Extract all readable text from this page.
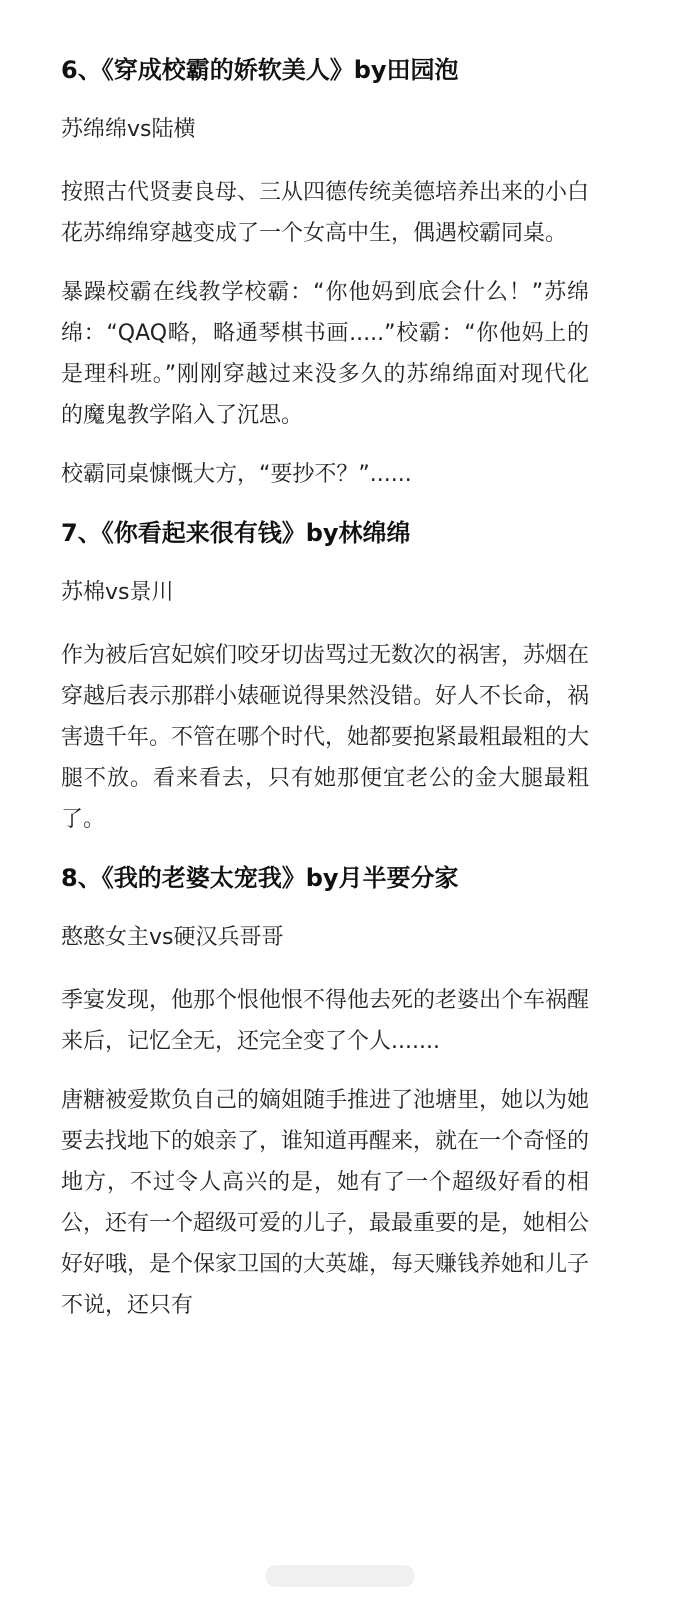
6、《穿成校霸的娇软美人》by田园泡
苏绵绵vs陆横

按照古代贤妻良母、三从四德传统美德培养出来的小白花苏绵绵穿越变成了一个女高中生，偶遇校霸同桌。

暴躁校霸在线教学校霸：“你他妈到底会什么！”苏绵绵：“QAQ略，略通琴棋书画.....”校霸：“你他妈上的是理科班。”刚刚穿越过来没多久的苏绵绵面对现代化的魔鬼教学陷入了沉思。

校霸同桌慷慨大方，“要抄不？”......

7、《你看起来很有钱》by林绵绵
苏棉vs景川

作为被后宫妃嫔们咬牙切齿骂过无数次的祸害，苏烟在穿越后表示那群小婊砸说得果然没错。好人不长命，祸害遗千年。不管在哪个时代，她都要抱紧最粗最粗的大腿不放。看来看去，只有她那便宜老公的金大腿最粗了。

8、《我的老婆太宠我》by月半要分家
憨憨女主vs硬汉兵哥哥

季宴发现，他那个恨他恨不得他去死的老婆出个车祸醒来后，记忆全无，还完全变了个人.......

唐糖被爱欺负自己的嫡姐随手推进了池塘里，她以为她要去找地下的娘亲了，谁知道再醒来，就在一个奇怪的地方，不过令人高兴的是，她有了一个超级好看的相公，还有一个超级可爱的儿子，最最重要的是，她相公好好哦，是个保家卫国的大英雄，每天赚钱养她和儿子不说，还只有
